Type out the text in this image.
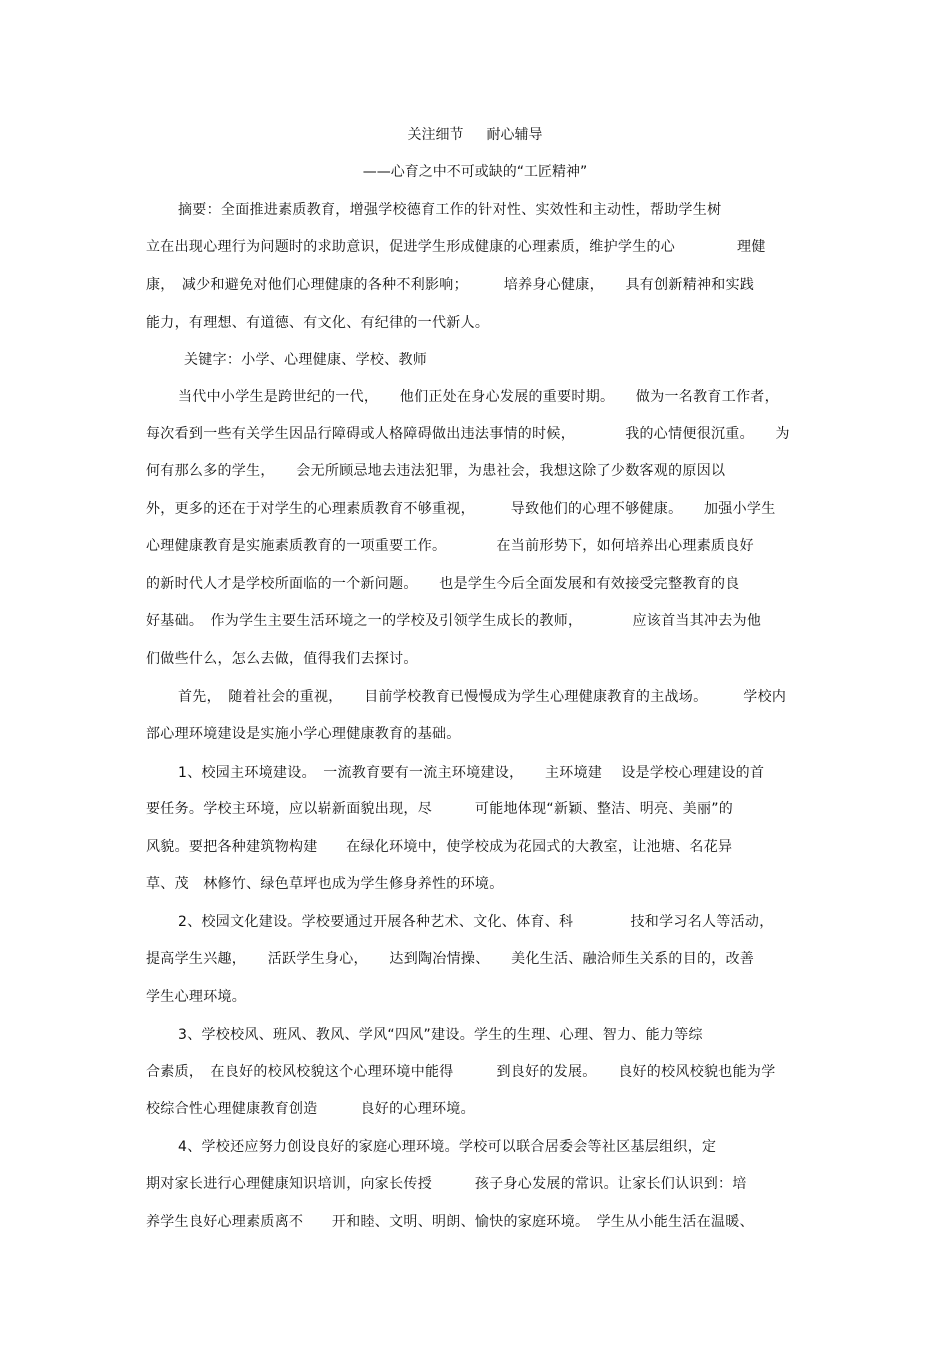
关注细节　  耐心辅导
——心育之中不可或缺的“工匠精神”
摘要：全面推进素质教育，增强学校德育工作的针对性、实效性和主动性，帮助学生树
立在出现心理行为问题时的求助意识，促进学生形成健康的心理素质，维护学生的心　　　　 理健
康，　减少和避免对他们心理健康的各种不利影响；　　　培养身心健康，　　具有创新精神和实践
能力，有理想、有道德、有文化、有纪律的一代新人。
关键字：小学、心理健康、学校、教师
当代中小学生是跨世纪的一代，　　他们正处在身心发展的重要时期。　　做为一名教育工作者，
每次看到一些有关学生因品行障碍或人格障碍做出违法事情的时候，　　　　我的心情便很沉重。　　为
何有那么多的学生，　　会无所顾忌地去违法犯罪，为患社会，我想这除了少数客观的原因以
外，更多的还在于对学生的心理素质教育不够重视，　　　导致他们的心理不够健康。　　加强小学生
心理健康教育是实施素质教育的一项重要工作。　　　　在当前形势下，如何培养出心理素质良好
的新时代人才是学校所面临的一个新问题。　　也是学生今后全面发展和有效接受完整教育的良
好基础。　作为学生主要生活环境之一的学校及引领学生成长的教师，　　　　应该首当其冲去为他
们做些什么，怎么去做，值得我们去探讨。
首先，　随着社会的重视，　　目前学校教育已慢慢成为学生心理健康教育的主战场。　　　学校内
部心理环境建设是实施小学心理健康教育的基础。
1、校园主环境建设。　一流教育要有一流主环境建设，　　主环境建　 设是学校心理建设的首
要任务。学校主环境，应以崭新面貌出现，尽　　　可能地体现“新颖、整洁、明亮、美丽”的
风貌。要把各种建筑物构建　　在绿化环境中，使学校成为花园式的大教室，让池塘、名花异
草、茂　林修竹、绿色草坪也成为学生修身养性的环境。
2、校园文化建设。学校要通过开展各种艺术、文化、体育、科　　　　技和学习名人等活动，
提高学生兴趣，　　活跃学生身心，　　达到陶冶情操、　　美化生活、融洽师生关系的目的，改善
学生心理环境。
3、学校校风、班风、教风、学风“四风”建设。学生的生理、心理、智力、能力等综
合素质，　在良好的校风校貌这个心理环境中能得　　　到良好的发展。　　良好的校风校貌也能为学
校综合性心理健康教育创造　　　良好的心理环境。
4、学校还应努力创设良好的家庭心理环境。学校可以联合居委会等社区基层组织，定
期对家长进行心理健康知识培训，向家长传授　　　孩子身心发展的常识。让家长们认识到：培
养学生良好心理素质离不　　开和睦、文明、明朗、愉快的家庭环境。　学生从小能生活在温暖、
